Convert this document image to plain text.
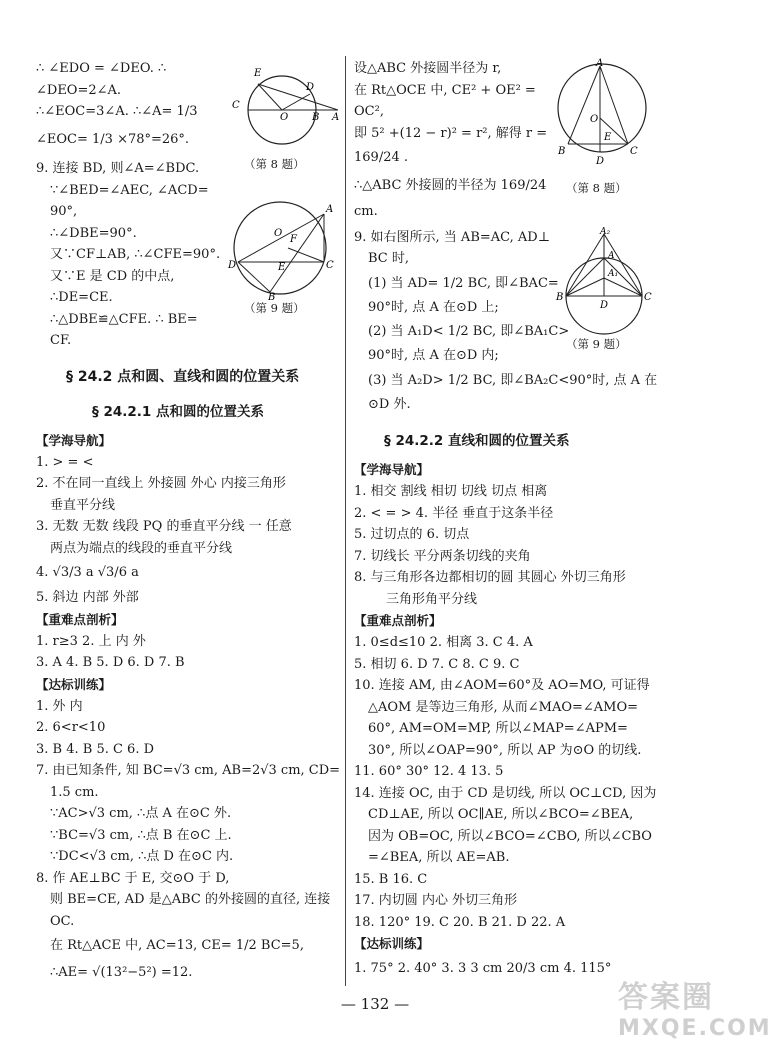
∴ ∠EDO = ∠DEO. ∴
∠DEO=2∠A.
∴∠EOC=3∠A. ∴∠A= 1/3
∠EOC= 1/3 ×78°=26°.
9. 连接 BD, 则∠A=∠BDC.
∵∠BED=∠AEC, ∠ACD=
90°,
∴∠DBE=90°.
又∵CF⊥AB, ∴∠CFE=90°.
又∵E 是 CD 的中点,
∴DE=CE.
∴△DBE≌△CFE. ∴ BE=
CF.
§ 24.2 点和圆、直线和圆的位置关系
§ 24.2.1 点和圆的位置关系
【学海导航】
1. > = <
2. 不在同一直线上 外接圆 外心 内接三角形
垂直平分线
3. 无数 无数 线段 PQ 的垂直平分线 一 任意
两点为端点的线段的垂直平分线
4. √3/3 a √3/6 a
5. 斜边 内部 外部
【重难点剖析】
1. r≥3 2. 上 内 外
3. A 4. B 5. D 6. D 7. B
【达标训练】
1. 外 内
2. 6<r<10
3. B 4. B 5. C 6. D
7. 由已知条件, 知 BC=√3 cm, AB=2√3 cm, CD=
1.5 cm.
∵AC>√3 cm, ∴点 A 在⊙C 外.
∵BC=√3 cm, ∴点 B 在⊙C 上.
∵DC<√3 cm, ∴点 D 在⊙C 内.
8. 作 AE⊥BC 于 E, 交⊙O 于 D,
则 BE=CE, AD 是△ABC 的外接圆的直径, 连接
OC.
在 Rt△ACE 中, AC=13, CE= 1/2 BC=5,
∴AE= √(13²−5²) =12.
E
D
C
O B A
（第 8 题）
A
O
F
D	E	C
B
（第 9 题）
设△ABC 外接圆半径为 r,
在 Rt△OCE 中, CE² + OE² =
OC²,
即 5² +(12 − r)² = r², 解得 r =
169/24 .
∴△ABC 外接圆的半径为 169/24
cm.
9. 如右图所示, 当 AB=AC, AD⊥
BC 时,
(1) 当 AD= 1/2 BC, 即∠BAC=
90°时, 点 A 在⊙D 上;
(2) 当 A₁D< 1/2 BC, 即∠BA₁C>
90°时, 点 A 在⊙D 内;
(3) 当 A₂D> 1/2 BC, 即∠BA₂C<90°时, 点 A 在
⊙D 外.
§ 24.2.2 直线和圆的位置关系
【学海导航】
1. 相交 割线 相切 切线 切点 相离
2. < = > 4. 半径 垂直于这条半径
5. 过切点的 6. 切点
7. 切线长 平分两条切线的夹角
8. 与三角形各边都相切的圆 其圆心 外切三角形
三角形角平分线
【重难点剖析】
1. 0≤d≤10 2. 相离 3. C 4. A
5. 相切 6. D 7. C 8. C 9. C
10. 连接 AM, 由∠AOM=60°及 AO=MO, 可证得
△AOM 是等边三角形, 从而∠MAO=∠AMO=
60°, AM=OM=MP, 所以∠MAP=∠APM=
30°, 所以∠OAP=90°, 所以 AP 为⊙O 的切线.
11. 60° 30° 12. 4 13. 5
14. 连接 OC, 由于 CD 是切线, 所以 OC⊥CD, 因为
CD⊥AE, 所以 OC∥AE, 所以∠BCO=∠BEA,
因为 OB=OC, 所以∠BCO=∠CBO, 所以∠CBO
=∠BEA, 所以 AE=AB.
15. B 16. C
17. 内切圆 内心 外切三角形
18. 120° 19. C 20. B 21. D 22. A
【达标训练】
1. 75° 2. 40° 3. 3 3 cm 20/3 cm 4. 115°
A
O
E
B	C
D
（第 8 题）
A₂
A
A₁
B	C
D
（第 9 题）
— 132 —	答案圈
MXQE.COM
